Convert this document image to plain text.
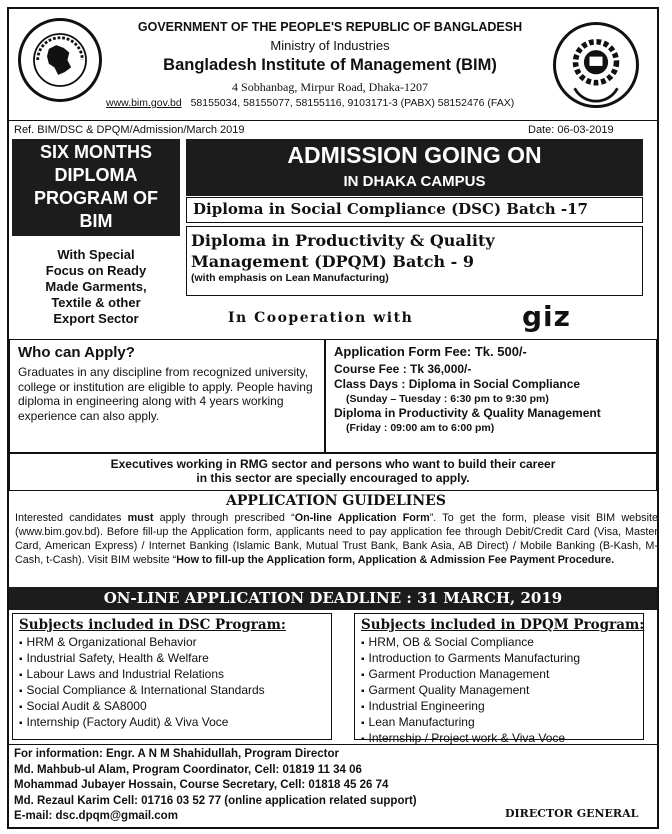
GOVERNMENT OF THE PEOPLE'S REPUBLIC OF BANGLADESH
Ministry of Industries
Bangladesh Institute of Management (BIM)
4 Sobhanbag, Mirpur Road, Dhaka-1207
www.bim.gov.bd 58155034, 58155077, 58155116, 9103171-3 (PABX) 58152476 (FAX)
Ref. BIM/DSC & DPQM/Admission/March 2019	Date: 06-03-2019
SIX MONTHS
DIPLOMA
PROGRAM OF
BIM
With Special
Focus on Ready
Made Garments,
Textile & other
Export Sector
ADMISSION GOING ON
IN DHAKA CAMPUS
Diploma in Social Compliance (DSC) Batch -17
Diploma in Productivity & Quality
Management (DPQM) Batch - 9
(with emphasis on Lean Manufacturing)
In Cooperation with	giz
Who can Apply?
Graduates in any discipline from recognized university, college or institution are eligible to apply. People having diploma in engineering along with 4 years working experience can also apply.
Application Form Fee: Tk. 500/-
Course Fee : Tk 36,000/-
Class Days : Diploma in Social Compliance
(Sunday – Tuesday : 6:30 pm to 9:30 pm)
Diploma in Productivity & Quality Management
(Friday : 09:00 am to 6:00 pm)
Executives working in RMG sector and persons who want to build their career
in this sector are specially encouraged to apply.
APPLICATION GUIDELINES
Interested candidates must apply through prescribed “On-line Application Form”. To get the form, please visit BIM website (www.bim.gov.bd). Before fill-up the Application form, applicants need to pay application fee through Debit/Credit Card (Visa, Master Card, American Express) / Internet Banking (Islamic Bank, Mutual Trust Bank, Bank Asia, AB Direct) / Mobile Banking (B-Kash, M-Cash, t-Cash). Visit BIM website “How to fill-up the Application form, Application & Admission Fee Payment Procedure.
ON-LINE APPLICATION DEADLINE : 31 MARCH, 2019
Subjects included in DSC Program:
▪ HRM & Organizational Behavior
▪ Industrial Safety, Health & Welfare
▪ Labour Laws and Industrial Relations
▪ Social Compliance & International Standards
▪ Social Audit & SA8000
▪ Internship (Factory Audit) & Viva Voce
Subjects included in DPQM Program:
▪ HRM, OB & Social Compliance
▪ Introduction to Garments Manufacturing
▪ Garment Production Management
▪ Garment Quality Management
▪ Industrial Engineering
▪ Lean Manufacturing
▪ Internship / Project work & Viva Voce
For information: Engr. A N M Shahidullah, Program Director
Md. Mahbub-ul Alam, Program Coordinator, Cell: 01819 11 34 06
Mohammad Jubayer Hossain, Course Secretary, Cell: 01818 45 26 74
Md. Rezaul Karim Cell: 01716 03 52 77 (online application related support)
E-mail: dsc.dpqm@gmail.com	DIRECTOR GENERAL
